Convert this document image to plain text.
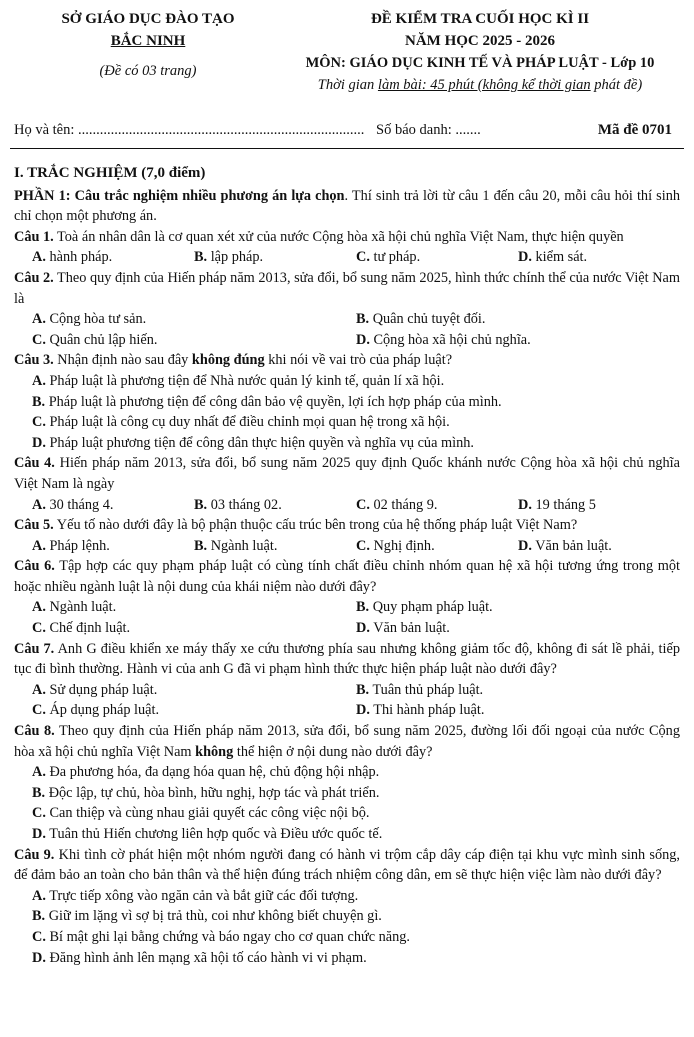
SỞ GIÁO DỤC ĐÀO TẠO
BẮC NINH
(Đề có 03 trang)
ĐỀ KIỂM TRA CUỐI HỌC KÌ II
NĂM HỌC 2025 - 2026
MÔN: GIÁO DỤC KINH TẾ VÀ PHÁP LUẬT - Lớp 10
Thời gian làm bài: 45 phút (không kể thời gian phát đề)
Họ và tên: ............................................................................... Số báo danh: .......	Mã đề 0701

I. TRẮC NGHIỆM (7,0 điểm)

PHẦN 1: Câu trắc nghiệm nhiều phương án lựa chọn. Thí sinh trả lời từ câu 1 đến câu 20, mỗi câu hỏi thí sinh chỉ chọn một phương án.

Câu 1. Toà án nhân dân là cơ quan xét xử của nước Cộng hòa xã hội chủ nghĩa Việt Nam, thực hiện quyền

A. hành pháp.	B. lập pháp.	C. tư pháp.	D. kiểm sát.

Câu 2. Theo quy định của Hiến pháp năm 2013, sửa đổi, bổ sung năm 2025, hình thức chính thể của nước Việt Nam là

A. Cộng hòa tư sản.	B. Quân chủ tuyệt đối.
C. Quân chủ lập hiến.	D. Cộng hòa xã hội chủ nghĩa.

Câu 3. Nhận định nào sau đây không đúng khi nói về vai trò của pháp luật?

A. Pháp luật là phương tiện để Nhà nước quản lý kinh tế, quản lí xã hội.

B. Pháp luật là phương tiện để công dân bảo vệ quyền, lợi ích hợp pháp của mình.

C. Pháp luật là công cụ duy nhất để điều chỉnh mọi quan hệ trong xã hội.

D. Pháp luật phương tiện để công dân thực hiện quyền và nghĩa vụ của mình.

Câu 4. Hiến pháp năm 2013, sửa đổi, bổ sung năm 2025 quy định Quốc khánh nước Cộng hòa xã hội chủ nghĩa Việt Nam là ngày

A. 30 tháng 4.	B. 03 tháng 02.	C. 02 tháng 9.	D. 19 tháng 5

Câu 5. Yếu tố nào dưới đây là bộ phận thuộc cấu trúc bên trong của hệ thống pháp luật Việt Nam?

A. Pháp lệnh.	B. Ngành luật.	C. Nghị định.	D. Văn bản luật.

Câu 6. Tập hợp các quy phạm pháp luật có cùng tính chất điều chỉnh nhóm quan hệ xã hội tương ứng trong một hoặc nhiều ngành luật là nội dung của khái niệm nào dưới đây?

A. Ngành luật.	B. Quy phạm pháp luật.
C. Chế định luật.	D. Văn bản luật.

Câu 7. Anh G điều khiển xe máy thấy xe cứu thương phía sau nhưng không giảm tốc độ, không đi sát lề phải, tiếp tục đi bình thường. Hành vi của anh G đã vi phạm hình thức thực hiện pháp luật nào dưới đây?

A. Sử dụng pháp luật.	B. Tuân thủ pháp luật.
C. Áp dụng pháp luật.	D. Thi hành pháp luật.

Câu 8. Theo quy định của Hiến pháp năm 2013, sửa đổi, bổ sung năm 2025, đường lối đối ngoại của nước Cộng hòa xã hội chủ nghĩa Việt Nam không thể hiện ở nội dung nào dưới đây?

A. Đa phương hóa, đa dạng hóa quan hệ, chủ động hội nhập.

B. Độc lập, tự chủ, hòa bình, hữu nghị, hợp tác và phát triển.

C. Can thiệp và cùng nhau giải quyết các công việc nội bộ.

D. Tuân thủ Hiến chương liên hợp quốc và Điều ước quốc tế.

Câu 9. Khi tình cờ phát hiện một nhóm người đang có hành vi trộm cắp dây cáp điện tại khu vực mình sinh sống, để đảm bảo an toàn cho bản thân và thể hiện đúng trách nhiệm công dân, em sẽ thực hiện việc làm nào dưới đây?

A. Trực tiếp xông vào ngăn cản và bắt giữ các đối tượng.

B. Giữ im lặng vì sợ bị trả thù, coi như không biết chuyện gì.

C. Bí mật ghi lại bằng chứng và báo ngay cho cơ quan chức năng.

D. Đăng hình ảnh lên mạng xã hội tố cáo hành vi vi phạm.
